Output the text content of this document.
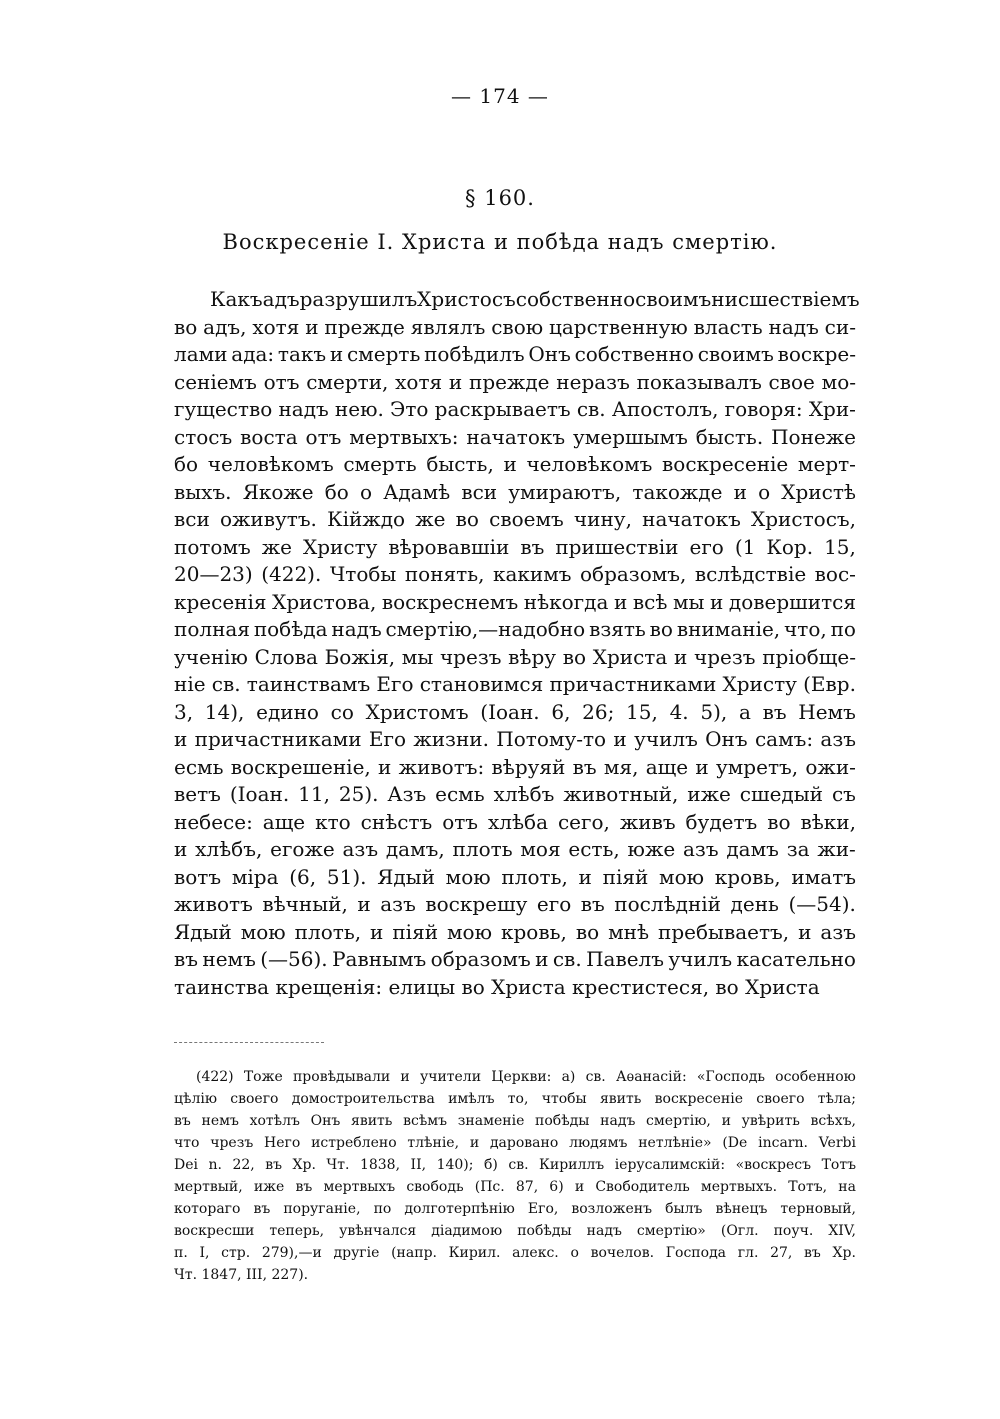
— 174 —
§ 160.
Воскресеніе І. Христа и побѣда надъ смертію.
Какъ адъ разрушилъ Христосъ собственно своимъ нисшествіемъ
во адъ, хотя и прежде являлъ свою царственную власть надъ си-
лами ада: такъ и смерть побѣдилъ Онъ собственно своимъ воскре-
сеніемъ отъ смерти, хотя и прежде неразъ показывалъ свое мо-
гущество надъ нею. Это раскрываетъ св. Апостолъ, говоря: Хри-
стосъ воста отъ мертвыхъ: начатокъ умершымъ бысть. Понеже
бо человѣкомъ смерть бысть, и человѣкомъ воскресеніе мерт-
выхъ. Якоже бо о Адамѣ вси умираютъ, такожде и о Христѣ
вси оживутъ. Кійждо же во своемъ чину, начатокъ Христосъ,
потомъ же Христу вѣровавшіи въ пришествіи его (1 Кор. 15,
20—23) (422). Чтобы понять, какимъ образомъ, вслѣдствіе вос-
кресенія Христова, воскреснемъ нѣкогда и всѣ мы и довершится
полная побѣда надъ смертію,—надобно взять во вниманіе, что, по
ученію Слова Божія, мы чрезъ вѣру во Христа и чрезъ пріобще-
ніе св. таинствамъ Его становимся причастниками Христу (Евр.
3, 14), едино со Христомъ (Іоан. 6, 26; 15, 4. 5), а въ Немъ
и причастниками Его жизни. Потому-то и училъ Онъ самъ: азъ
есмь воскрешеніе, и животъ: вѣруяй въ мя, аще и умретъ, ожи-
ветъ (Іоан. 11, 25). Азъ есмь хлѣбъ животный, иже сшедый съ
небесе: аще кто снѣстъ отъ хлѣба сего, живъ будетъ во вѣки,
и хлѣбъ, егоже азъ дамъ, плоть моя есть, юже азъ дамъ за жи-
вотъ міра (6, 51). Ядый мою плоть, и піяй мою кровь, иматъ
животъ вѣчный, и азъ воскрешу его въ послѣдній день (—54).
Ядый мою плоть, и піяй мою кровь, во мнѣ пребываетъ, и азъ
въ немъ (—56). Равнымъ образомъ и св. Павелъ училъ касательно
таинства крещенія: елицы во Христа крестистеся, во Христа
(422) Тоже провѣдывали и учители Церкви: а) св. Аѳанасій: «Господь особенною
цѣлію своего домостроительства имѣлъ то, чтобы явить воскресеніе своего тѣла;
въ немъ хотѣлъ Онъ явить всѣмъ знаменіе побѣды надъ смертію, и увѣрить всѣхъ,
что чрезъ Него истреблено тлѣніе, и даровано людямъ нетлѣніе» (De incarn. Verbi
Dei n. 22, въ Хр. Чт. 1838, II, 140); б) св. Кириллъ іерусалимскій: «воскресъ Тотъ
мертвый, иже въ мертвыхъ свободь (Пс. 87, 6) и Свободитель мертвыхъ. Тотъ, на
котораго въ поруганіе, по долготерпѣнію Его, возложенъ былъ вѣнецъ терновый,
воскресши теперь, увѣнчался діадимою побѣды надъ смертію» (Огл. поуч. XIV,
п. I, стр. 279),—и другіе (напр. Кирил. алекс. о вочелов. Господа гл. 27, въ Хр.
Чт. 1847, III, 227).
